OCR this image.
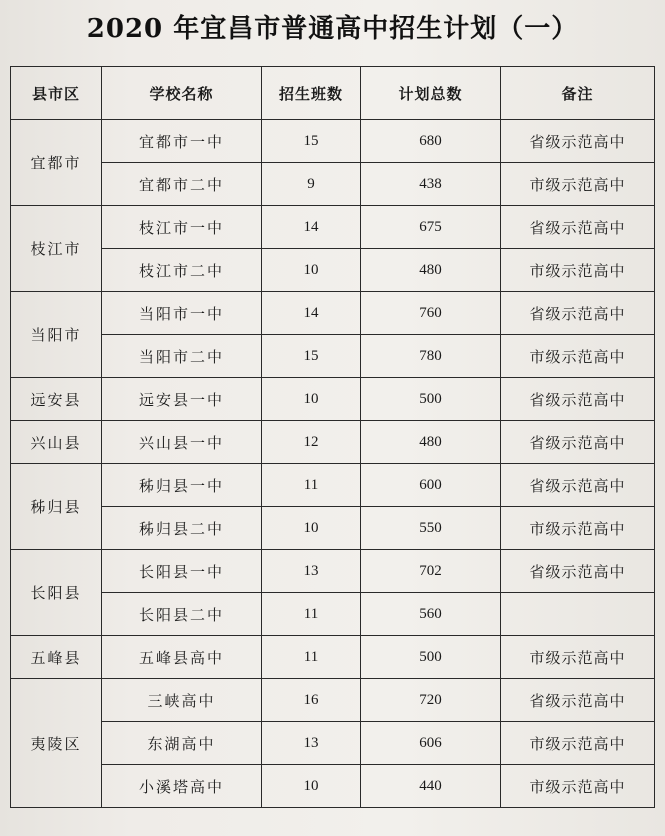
2020 年宜昌市普通高中招生计划（一）
县市区	学校名称	招生班数	计划总数	备注
宜都市	宜都市一中	15	680	省级示范高中
	宜都市二中	9	438	市级示范高中
枝江市	枝江市一中	14	675	省级示范高中
	枝江市二中	10	480	市级示范高中
当阳市	当阳市一中	14	760	省级示范高中
	当阳市二中	15	780	市级示范高中
远安县	远安县一中	10	500	省级示范高中
兴山县	兴山县一中	12	480	省级示范高中
秭归县	秭归县一中	11	600	省级示范高中
	秭归县二中	10	550	市级示范高中
长阳县	长阳县一中	13	702	省级示范高中
	长阳县二中	11	560	
五峰县	五峰县高中	11	500	市级示范高中
夷陵区	三峡高中	16	720	省级示范高中
	东湖高中	13	606	市级示范高中
	小溪塔高中	10	440	市级示范高中
